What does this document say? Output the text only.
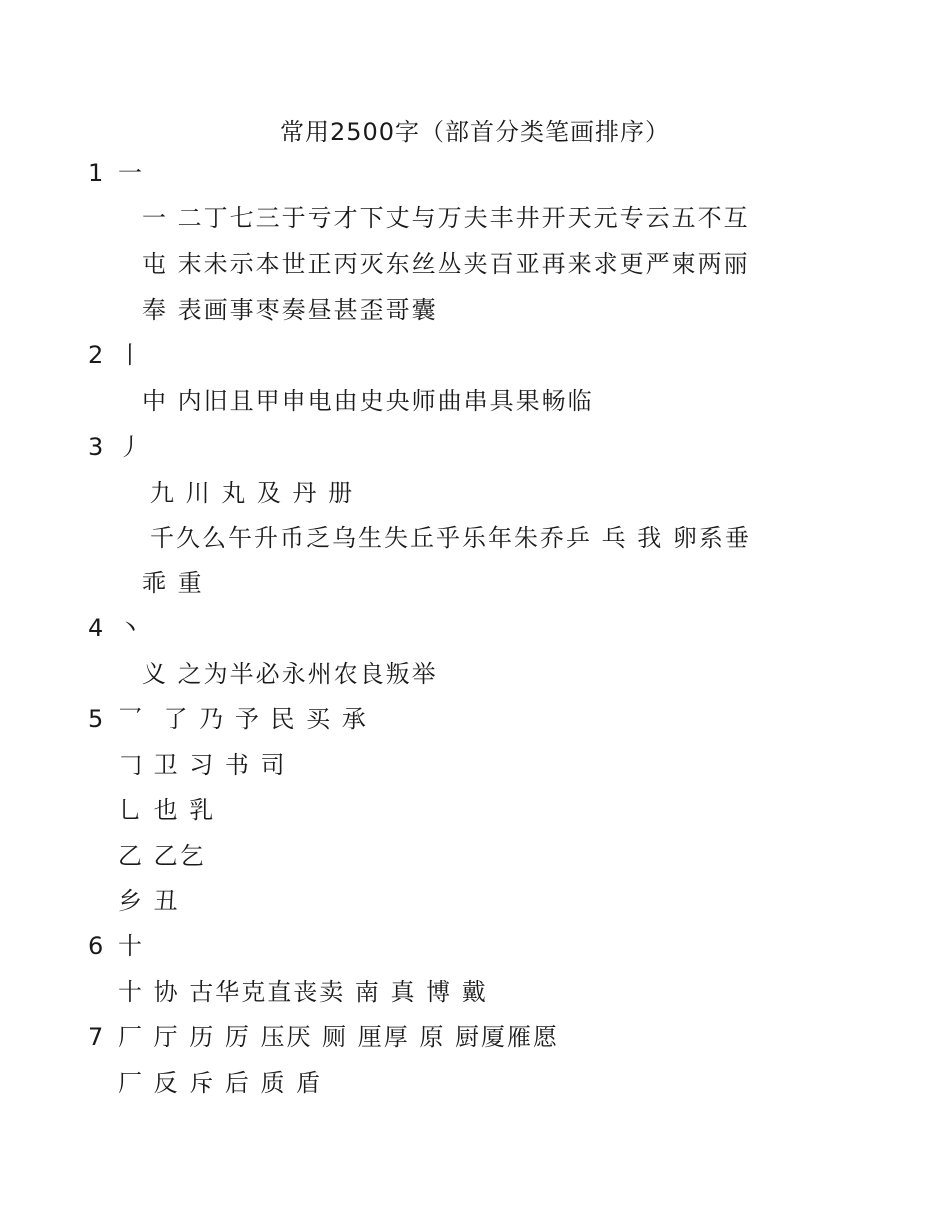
常用2500字（部首分类笔画排序）
1 一
一 二丁七三于亏才下丈与万夫丰井开天元专云五不互
屯 末未示本世正丙灭东丝丛夹百亚再来求更严柬两丽
奉 表画事枣奏昼甚歪哥囊
2 丨
中 内旧且甲申电由史央师曲串具果畅临
3 丿
九 川 丸 及 丹 册
千久么午升币乏乌生失丘乎乐年朱乔乒 乓 我 卵系垂
乖 重
4 丶
义 之为半必永州农良叛举
5 乛 了 乃 予 民 买 承
𠃌 卫 习 书 司
乚 也 乳
乙 乙乞
乡 丑
6 十
十 协 古华克直丧卖 南 真 博 戴
7 厂 厅 历 厉 压厌 厕 厘厚 原 厨厦雁愿
厂 反 斥 后 质 盾
